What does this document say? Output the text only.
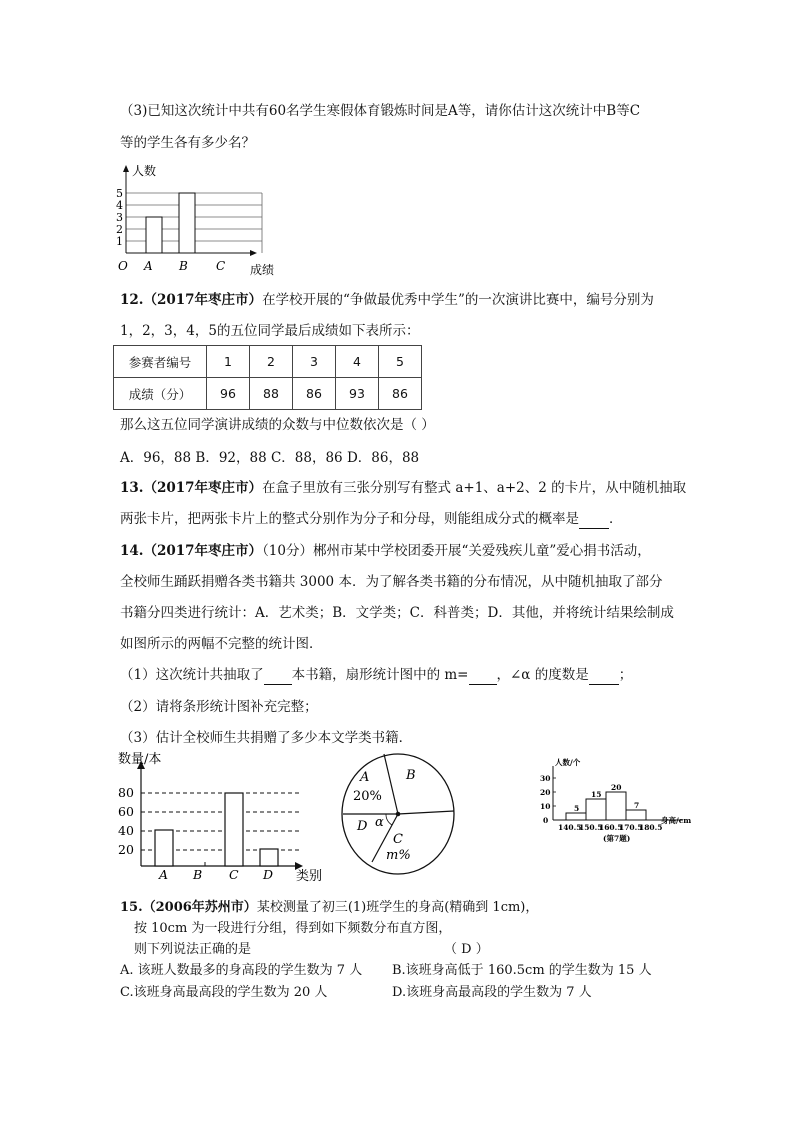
（3)已知这次统计中共有60名学生寒假体育锻炼时间是A等，请你估计这次统计中B等C
等的学生各有多少名？
人数
5
4
3
2
1
O A B C 成绩
12.（2017年枣庄市）在学校开展的“争做最优秀中学生”的一次演讲比赛中，编号分别为
1，2，3，4，5的五位同学最后成绩如下表所示：
参赛者编号	1	2	3	4	5
成绩（分）	96	88	86	93	86
那么这五位同学演讲成绩的众数与中位数依次是（ ）
A．96，88 B．92，88 C．88，86 D．86，88
13.（2017年枣庄市）在盒子里放有三张分别写有整式 a+1、a+2、2 的卡片，从中随机抽取
两张卡片，把两张卡片上的整式分别作为分子和分母，则能组成分式的概率是 ．
14.（2017年枣庄市）（10分）郴州市某中学校团委开展“关爱残疾儿童”爱心捐书活动，
全校师生踊跃捐赠各类书籍共 3000 本．为了解各类书籍的分布情况，从中随机抽取了部分
书籍分四类进行统计：A．艺术类；B．文学类；C．科普类；D．其他，并将统计结果绘制成
如图所示的两幅不完整的统计图．
（1）这次统计共抽取了 本书籍，扇形统计图中的 m= ，∠α 的度数是 ；
（2）请将条形统计图补充完整；
（3）估计全校师生共捐赠了多少本文学类书籍．
数量/本
80
60
40
20
A B C D 类别
A
20%
B
D α
C
m%
人数/个
30
20
10
0
5
15
20
7
140.5
150.5
160.5
170.5
180.5
身高/cm
(第7题)
15.（2006年苏州市）某校测量了初三(1)班学生的身高(精确到 1cm)，
按 10cm 为一段进行分组，得到如下频数分布直方图，
则下列说法正确的是	（ D ）
A. 该班人数最多的身高段的学生数为 7 人 B.该班身高低于 160.5cm 的学生数为 15 人
C.该班身高最高段的学生数为 20 人	D.该班身高最高段的学生数为 7 人
